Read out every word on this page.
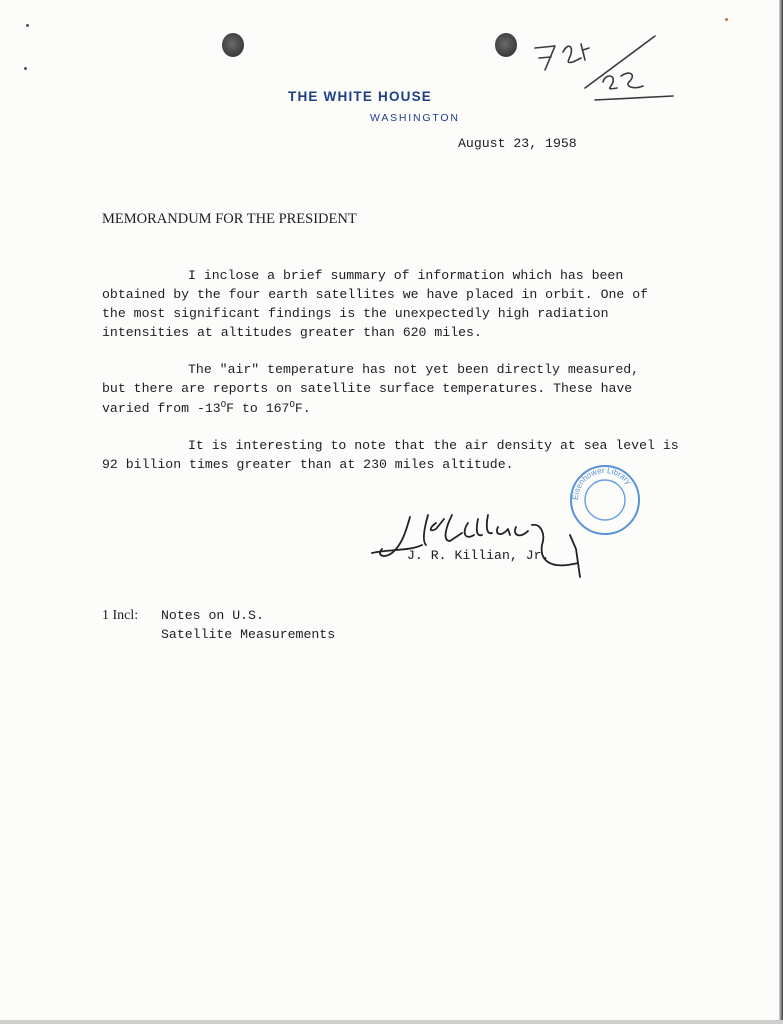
THE WHITE HOUSE
WASHINGTON
August 23, 1958
MEMORANDUM FOR THE PRESIDENT
I inclose a brief summary of information which has been
obtained by the four earth satellites we have placed in orbit. One of
the most significant findings is the unexpectedly high radiation
intensities at altitudes greater than 620 miles.
The "air" temperature has not yet been directly measured,
but there are reports on satellite surface temperatures. These have
varied from $-13^OF$ to $167^OF$.
It is interesting to note that the air density at sea level is
92 billion times greater than at 230 miles altitude.
Eisenhower Library
J. R. Killian, Jr.
1 Incl: Notes on U.S.
Satellite Measurements
